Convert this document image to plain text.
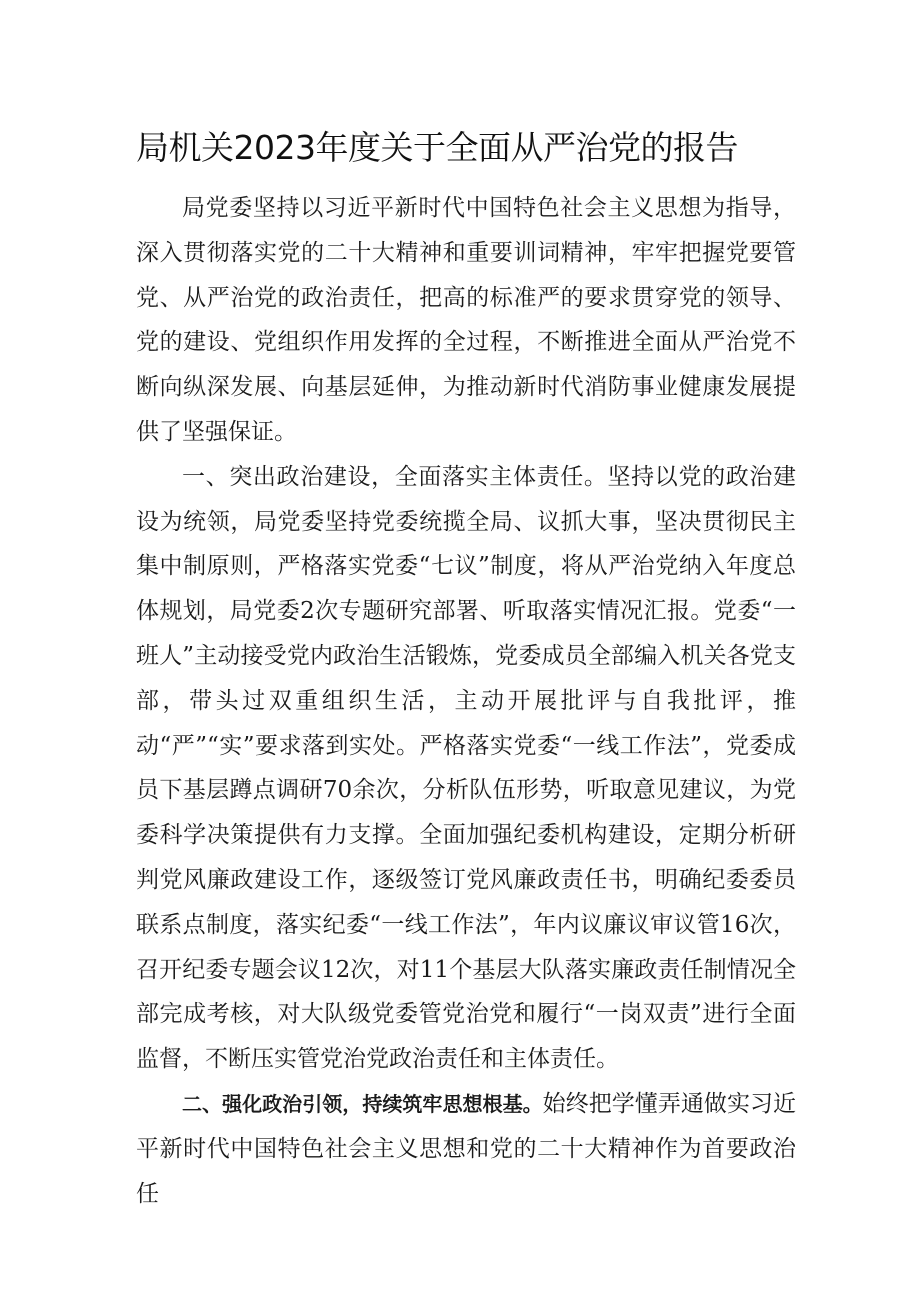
局机关2023年度关于全面从严治党的报告

局党委坚持以习近平新时代中国特色社会主义思想为指导，深入贯彻落实党的二十大精神和重要训词精神，牢牢把握党要管党、从严治党的政治责任，把高的标准严的要求贯穿党的领导、党的建设、党组织作用发挥的全过程，不断推进全面从严治党不断向纵深发展、向基层延伸，为推动新时代消防事业健康发展提供了坚强保证。

一、突出政治建设，全面落实主体责任。坚持以党的政治建设为统领，局党委坚持党委统揽全局、议抓大事，坚决贯彻民主集中制原则，严格落实党委“七议”制度，将从严治党纳入年度总体规划，局党委2次专题研究部署、听取落实情况汇报。党委“一班人”主动接受党内政治生活锻炼，党委成员全部编入机关各党支部，带头过双重组织生活，主动开展批评与自我批评，推动“严”“实”要求落到实处。严格落实党委“一线工作法”，党委成员下基层蹲点调研70余次，分析队伍形势，听取意见建议，为党委科学决策提供有力支撑。全面加强纪委机构建设，定期分析研判党风廉政建设工作，逐级签订党风廉政责任书，明确纪委委员联系点制度，落实纪委“一线工作法”，年内议廉议审议管16次，召开纪委专题会议12次，对11个基层大队落实廉政责任制情况全部完成考核，对大队级党委管党治党和履行“一岗双责”进行全面监督，不断压实管党治党政治责任和主体责任。

二、强化政治引领，持续筑牢思想根基。始终把学懂弄通做实习近平新时代中国特色社会主义思想和党的二十大精神作为首要政治任
